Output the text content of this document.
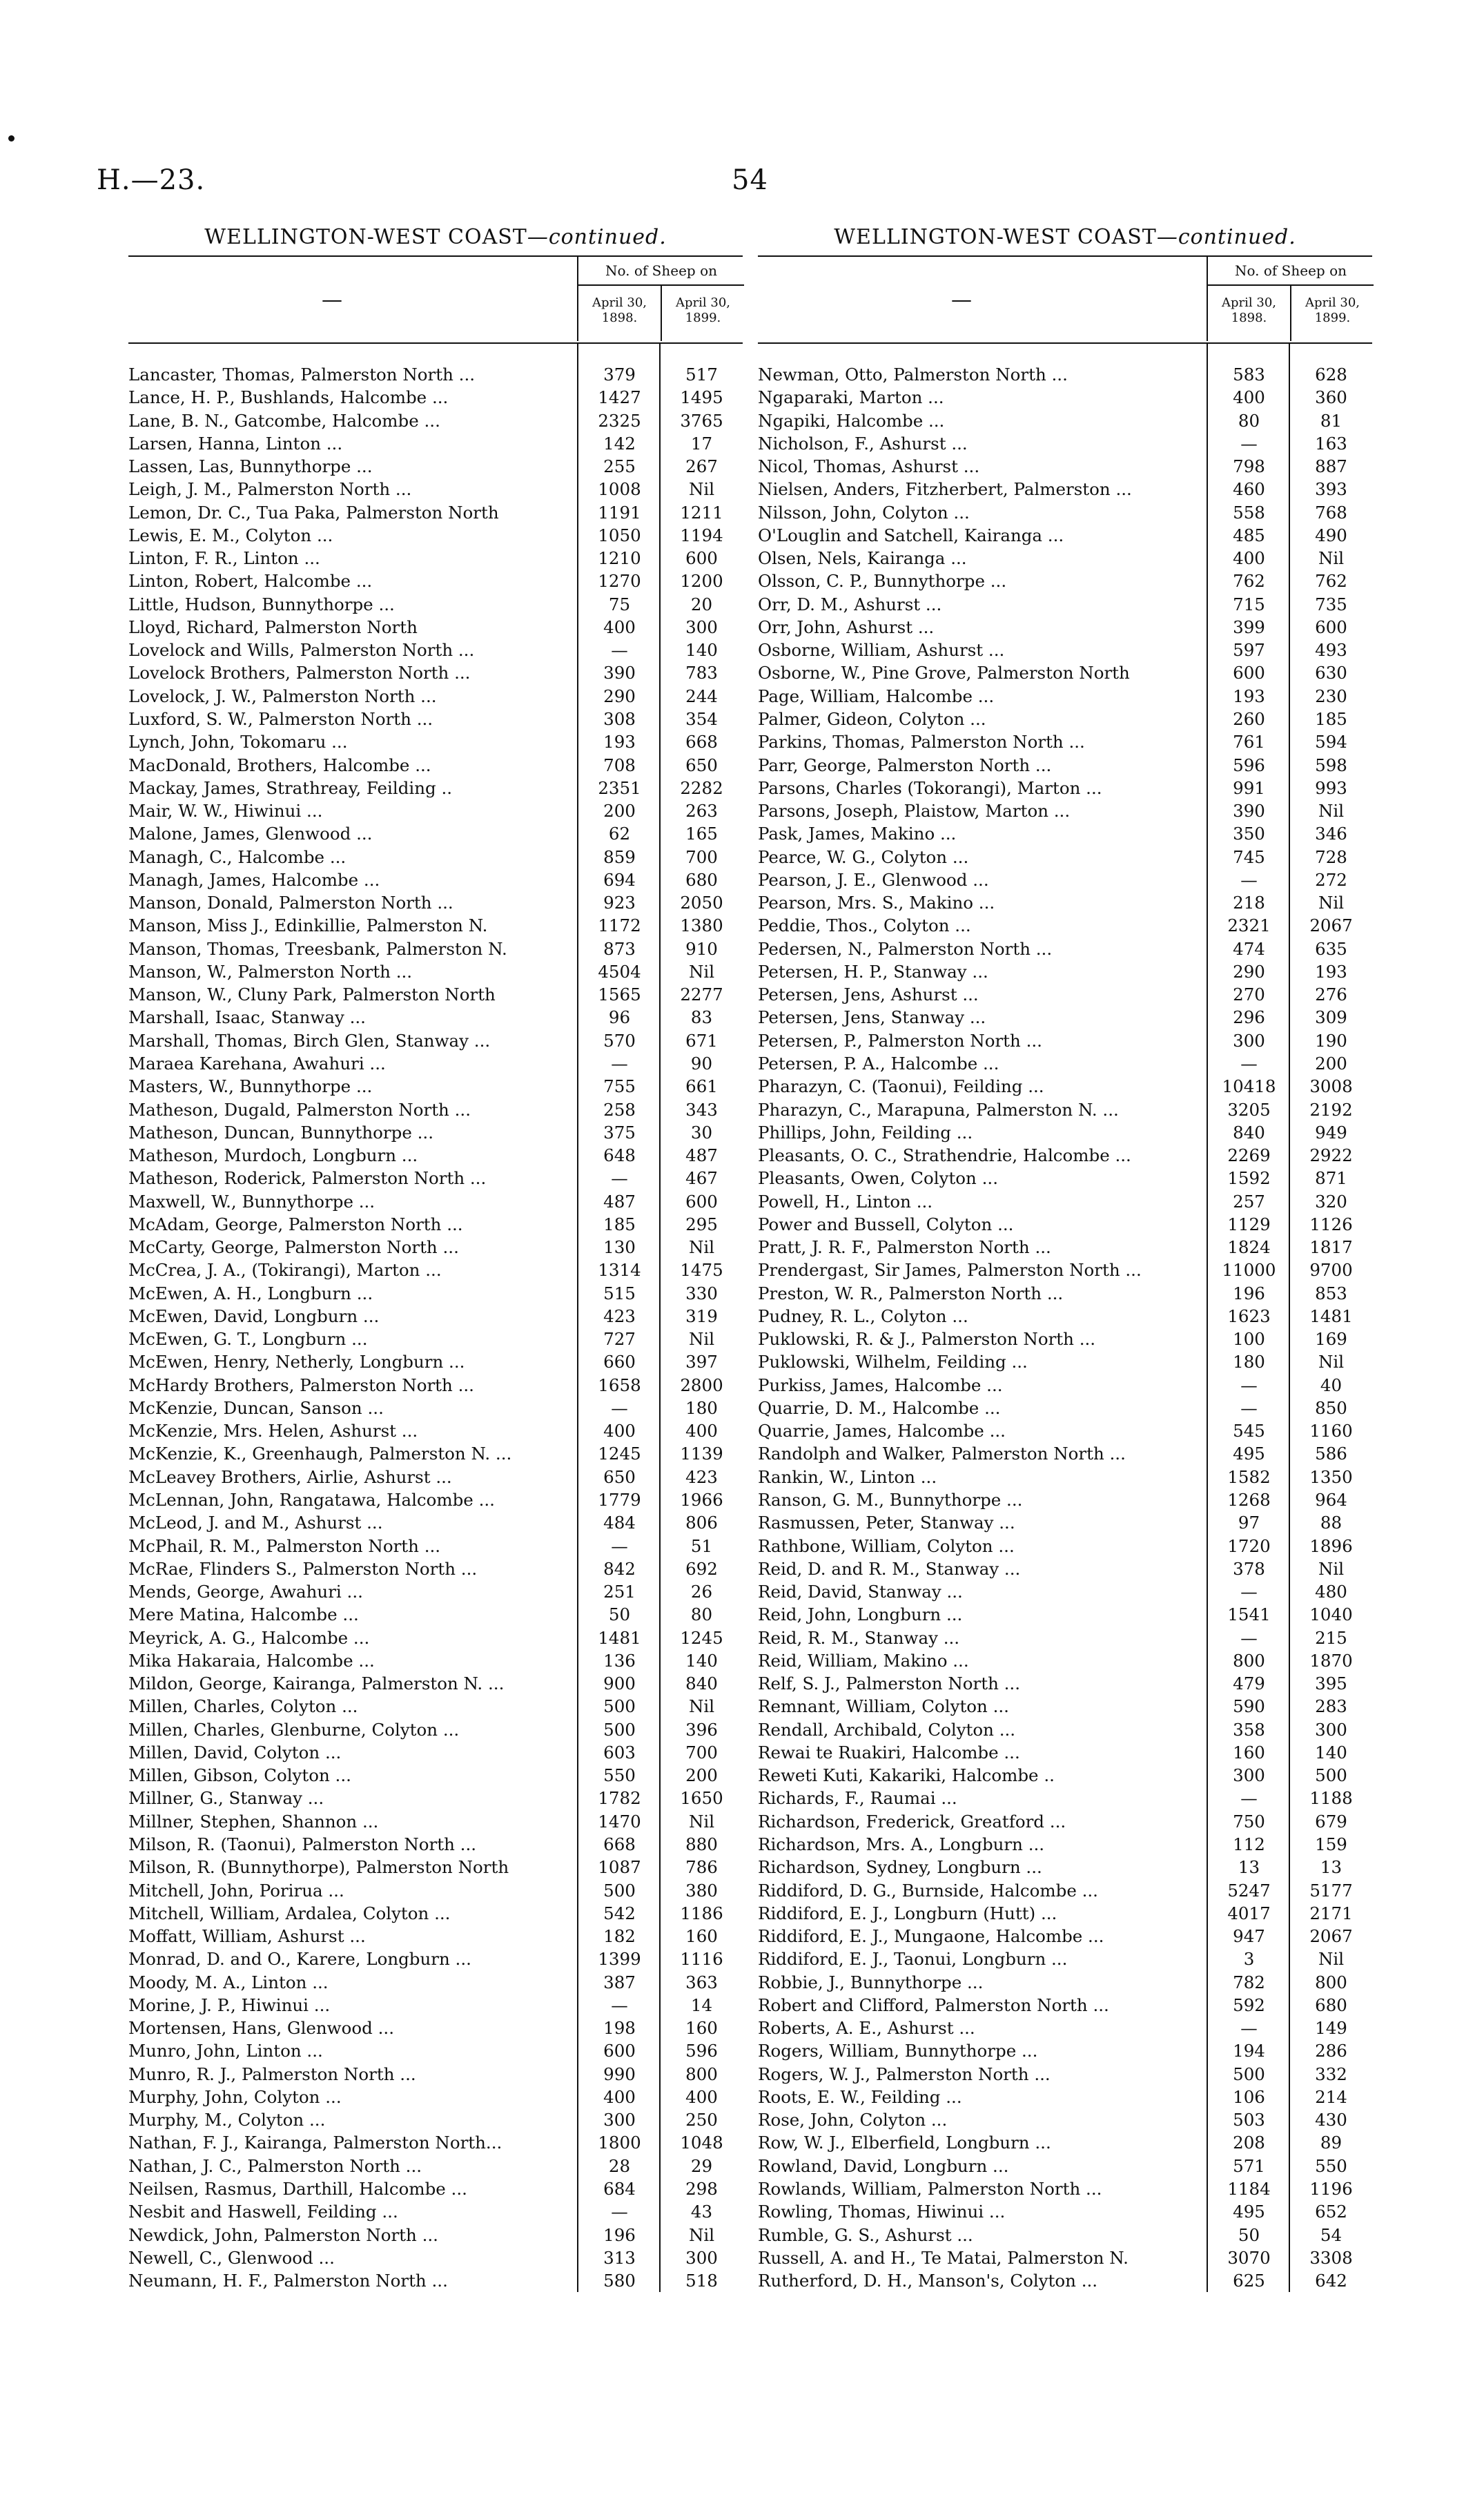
H.—23.	54
WELLINGTON-WEST COAST—continued.
—
No. of Sheep on
April 30,
1898.
April 30,
1899.
Lancaster, Thomas, Palmerston North ...	379	517
Lance, H. P., Bushlands, Halcombe ...	1427	1495
Lane, B. N., Gatcombe, Halcombe ...	2325	3765
Larsen, Hanna, Linton ...	142	17
Lassen, Las, Bunnythorpe ...	255	267
Leigh, J. M., Palmerston North ...	1008	Nil
Lemon, Dr. C., Tua Paka, Palmerston North	1191	1211
Lewis, E. M., Colyton ...	1050	1194
Linton, F. R., Linton ...	1210	600
Linton, Robert, Halcombe ...	1270	1200
Little, Hudson, Bunnythorpe ...	75	20
Lloyd, Richard, Palmerston North	400	300
Lovelock and Wills, Palmerston North ...	—	140
Lovelock Brothers, Palmerston North ...	390	783
Lovelock, J. W., Palmerston North ...	290	244
Luxford, S. W., Palmerston North ...	308	354
Lynch, John, Tokomaru ...	193	668
MacDonald, Brothers, Halcombe ...	708	650
Mackay, James, Strathreay, Feilding ..	2351	2282
Mair, W. W., Hiwinui ...	200	263
Malone, James, Glenwood ...	62	165
Managh, C., Halcombe ...	859	700
Managh, James, Halcombe ...	694	680
Manson, Donald, Palmerston North ...	923	2050
Manson, Miss J., Edinkillie, Palmerston N.	1172	1380
Manson, Thomas, Treesbank, Palmerston N.	873	910
Manson, W., Palmerston North ...	4504	Nil
Manson, W., Cluny Park, Palmerston North	1565	2277
Marshall, Isaac, Stanway ...	96	83
Marshall, Thomas, Birch Glen, Stanway ...	570	671
Maraea Karehana, Awahuri ...	—	90
Masters, W., Bunnythorpe ...	755	661
Matheson, Dugald, Palmerston North ...	258	343
Matheson, Duncan, Bunnythorpe ...	375	30
Matheson, Murdoch, Longburn ...	648	487
Matheson, Roderick, Palmerston North ...	—	467
Maxwell, W., Bunnythorpe ...	487	600
McAdam, George, Palmerston North ...	185	295
McCarty, George, Palmerston North ...	130	Nil
McCrea, J. A., (Tokirangi), Marton ...	1314	1475
McEwen, A. H., Longburn ...	515	330
McEwen, David, Longburn ...	423	319
McEwen, G. T., Longburn ...	727	Nil
McEwen, Henry, Netherly, Longburn ...	660	397
McHardy Brothers, Palmerston North ...	1658	2800
McKenzie, Duncan, Sanson ...	—	180
McKenzie, Mrs. Helen, Ashurst ...	400	400
McKenzie, K., Greenhaugh, Palmerston N. ...	1245	1139
McLeavey Brothers, Airlie, Ashurst ...	650	423
McLennan, John, Rangatawa, Halcombe ...	1779	1966
McLeod, J. and M., Ashurst ...	484	806
McPhail, R. M., Palmerston North ...	—	51
McRae, Flinders S., Palmerston North ...	842	692
Mends, George, Awahuri ...	251	26
Mere Matina, Halcombe ...	50	80
Meyrick, A. G., Halcombe ...	1481	1245
Mika Hakaraia, Halcombe ...	136	140
Mildon, George, Kairanga, Palmerston N. ...	900	840
Millen, Charles, Colyton ...	500	Nil
Millen, Charles, Glenburne, Colyton ...	500	396
Millen, David, Colyton ...	603	700
Millen, Gibson, Colyton ...	550	200
Millner, G., Stanway ...	1782	1650
Millner, Stephen, Shannon ...	1470	Nil
Milson, R. (Taonui), Palmerston North ...	668	880
Milson, R. (Bunnythorpe), Palmerston North	1087	786
Mitchell, John, Porirua ...	500	380
Mitchell, William, Ardalea, Colyton ...	542	1186
Moffatt, William, Ashurst ...	182	160
Monrad, D. and O., Karere, Longburn ...	1399	1116
Moody, M. A., Linton ...	387	363
Morine, J. P., Hiwinui ...	—	14
Mortensen, Hans, Glenwood ...	198	160
Munro, John, Linton ...	600	596
Munro, R. J., Palmerston North ...	990	800
Murphy, John, Colyton ...	400	400
Murphy, M., Colyton ...	300	250
Nathan, F. J., Kairanga, Palmerston North...	1800	1048
Nathan, J. C., Palmerston North ...	28	29
Neilsen, Rasmus, Darthill, Halcombe ...	684	298
Nesbit and Haswell, Feilding ...	—	43
Newdick, John, Palmerston North ...	196	Nil
Newell, C., Glenwood ...	313	300
Neumann, H. F., Palmerston North ...	580	518
WELLINGTON-WEST COAST—continued.
—
No. of Sheep on
April 30,
1898.
April 30,
1899.
Newman, Otto, Palmerston North ...	583	628
Ngaparaki, Marton ...	400	360
Ngapiki, Halcombe ...	80	81
Nicholson, F., Ashurst ...	—	163
Nicol, Thomas, Ashurst ...	798	887
Nielsen, Anders, Fitzherbert, Palmerston ...	460	393
Nilsson, John, Colyton ...	558	768
O'Louglin and Satchell, Kairanga ...	485	490
Olsen, Nels, Kairanga ...	400	Nil
Olsson, C. P., Bunnythorpe ...	762	762
Orr, D. M., Ashurst ...	715	735
Orr, John, Ashurst ...	399	600
Osborne, William, Ashurst ...	597	493
Osborne, W., Pine Grove, Palmerston North	600	630
Page, William, Halcombe ...	193	230
Palmer, Gideon, Colyton ...	260	185
Parkins, Thomas, Palmerston North ...	761	594
Parr, George, Palmerston North ...	596	598
Parsons, Charles (Tokorangi), Marton ...	991	993
Parsons, Joseph, Plaistow, Marton ...	390	Nil
Pask, James, Makino ...	350	346
Pearce, W. G., Colyton ...	745	728
Pearson, J. E., Glenwood ...	—	272
Pearson, Mrs. S., Makino ...	218	Nil
Peddie, Thos., Colyton ...	2321	2067
Pedersen, N., Palmerston North ...	474	635
Petersen, H. P., Stanway ...	290	193
Petersen, Jens, Ashurst ...	270	276
Petersen, Jens, Stanway ...	296	309
Petersen, P., Palmerston North ...	300	190
Petersen, P. A., Halcombe ...	—	200
Pharazyn, C. (Taonui), Feilding ...	10418	3008
Pharazyn, C., Marapuna, Palmerston N. ...	3205	2192
Phillips, John, Feilding ...	840	949
Pleasants, O. C., Strathendrie, Halcombe ...	2269	2922
Pleasants, Owen, Colyton ...	1592	871
Powell, H., Linton ...	257	320
Power and Bussell, Colyton ...	1129	1126
Pratt, J. R. F., Palmerston North ...	1824	1817
Prendergast, Sir James, Palmerston North ...	11000	9700
Preston, W. R., Palmerston North ...	196	853
Pudney, R. L., Colyton ...	1623	1481
Puklowski, R. & J., Palmerston North ...	100	169
Puklowski, Wilhelm, Feilding ...	180	Nil
Purkiss, James, Halcombe ...	—	40
Quarrie, D. M., Halcombe ...	—	850
Quarrie, James, Halcombe ...	545	1160
Randolph and Walker, Palmerston North ...	495	586
Rankin, W., Linton ...	1582	1350
Ranson, G. M., Bunnythorpe ...	1268	964
Rasmussen, Peter, Stanway ...	97	88
Rathbone, William, Colyton ...	1720	1896
Reid, D. and R. M., Stanway ...	378	Nil
Reid, David, Stanway ...	—	480
Reid, John, Longburn ...	1541	1040
Reid, R. M., Stanway ...	—	215
Reid, William, Makino ...	800	1870
Relf, S. J., Palmerston North ...	479	395
Remnant, William, Colyton ...	590	283
Rendall, Archibald, Colyton ...	358	300
Rewai te Ruakiri, Halcombe ...	160	140
Reweti Kuti, Kakariki, Halcombe ..	300	500
Richards, F., Raumai ...	—	1188
Richardson, Frederick, Greatford ...	750	679
Richardson, Mrs. A., Longburn ...	112	159
Richardson, Sydney, Longburn ...	13	13
Riddiford, D. G., Burnside, Halcombe ...	5247	5177
Riddiford, E. J., Longburn (Hutt) ...	4017	2171
Riddiford, E. J., Mungaone, Halcombe ...	947	2067
Riddiford, E. J., Taonui, Longburn ...	3	Nil
Robbie, J., Bunnythorpe ...	782	800
Robert and Clifford, Palmerston North ...	592	680
Roberts, A. E., Ashurst ...	—	149
Rogers, William, Bunnythorpe ...	194	286
Rogers, W. J., Palmerston North ...	500	332
Roots, E. W., Feilding ...	106	214
Rose, John, Colyton ...	503	430
Row, W. J., Elberfield, Longburn ...	208	89
Rowland, David, Longburn ...	571	550
Rowlands, William, Palmerston North ...	1184	1196
Rowling, Thomas, Hiwinui ...	495	652
Rumble, G. S., Ashurst ...	50	54
Russell, A. and H., Te Matai, Palmerston N.	3070	3308
Rutherford, D. H., Manson's, Colyton ...	625	642
